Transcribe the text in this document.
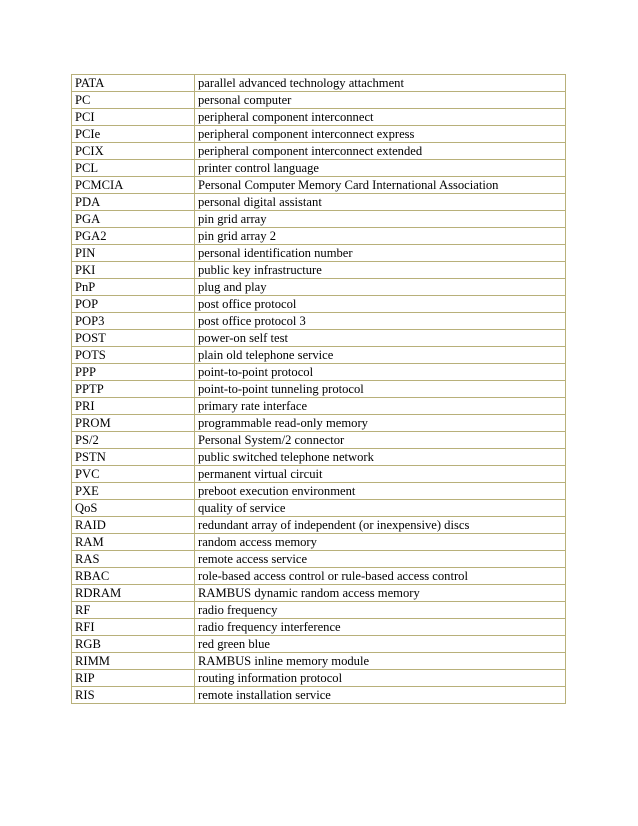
PATA	parallel advanced technology attachment
PC	personal computer
PCI	peripheral component interconnect
PCIe	peripheral component interconnect express
PCIX	peripheral component interconnect extended
PCL	printer control language
PCMCIA	Personal Computer Memory Card International Association
PDA	personal digital assistant
PGA	pin grid array
PGA2	pin grid array 2
PIN	personal identification number
PKI	public key infrastructure
PnP	plug and play
POP	post office protocol
POP3	post office protocol 3
POST	power-on self test
POTS	plain old telephone service
PPP	point-to-point protocol
PPTP	point-to-point tunneling protocol
PRI	primary rate interface
PROM	programmable read-only memory
PS/2	Personal System/2 connector
PSTN	public switched telephone network
PVC	permanent virtual circuit
PXE	preboot execution environment
QoS	quality of service
RAID	redundant array of independent (or inexpensive) discs
RAM	random access memory
RAS	remote access service
RBAC	role-based access control or rule-based access control
RDRAM	RAMBUS dynamic random access memory
RF	radio frequency
RFI	radio frequency interference
RGB	red green blue
RIMM	RAMBUS inline memory module
RIP	routing information protocol
RIS	remote installation service
